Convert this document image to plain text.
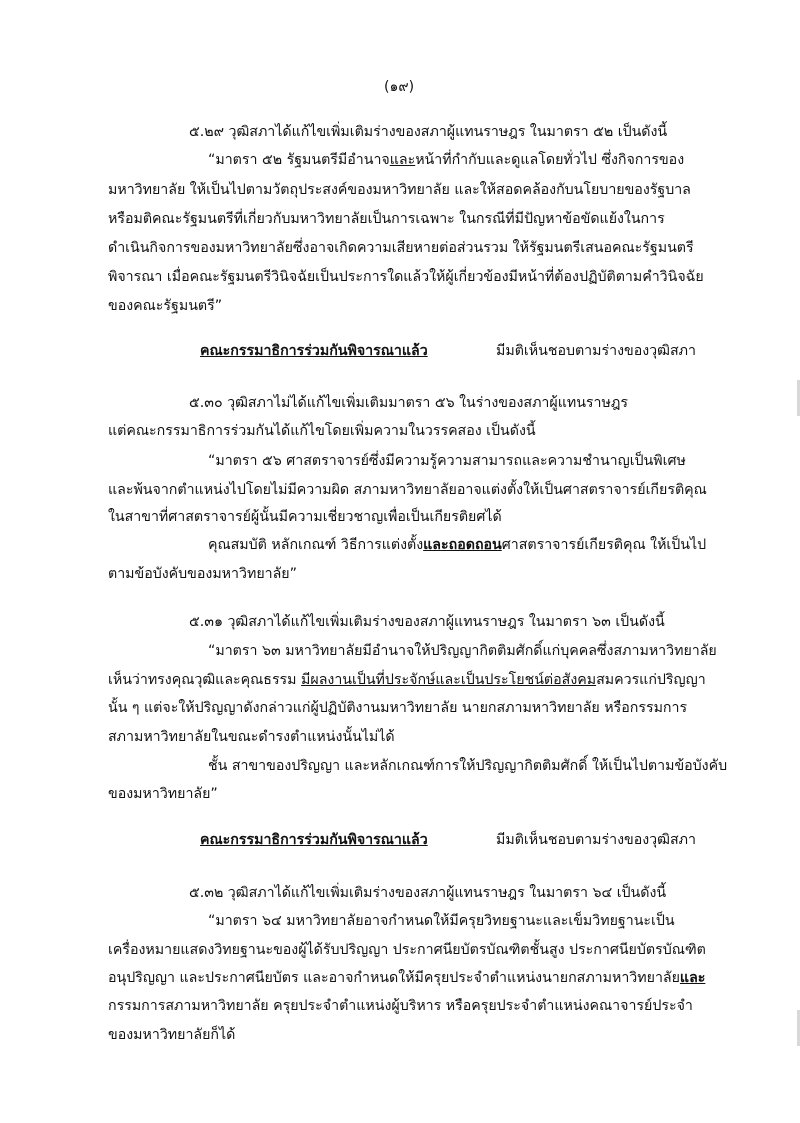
(๑๙)
๕.๒๙ วุฒิสภาได้แก้ไขเพิ่มเติมร่างของสภาผู้แทนราษฎร ในมาตรา ๕๒ เป็นดังนี้
“มาตรา ๕๒ รัฐมนตรีมีอำนาจและหน้าที่กำกับและดูแลโดยทั่วไป ซึ่งกิจการของ
มหาวิทยาลัย ให้เป็นไปตามวัตถุประสงค์ของมหาวิทยาลัย และให้สอดคล้องกับนโยบายของรัฐบาล
หรือมติคณะรัฐมนตรีที่เกี่ยวกับมหาวิทยาลัยเป็นการเฉพาะ ในกรณีที่มีปัญหาข้อขัดแย้งในการ
ดำเนินกิจการของมหาวิทยาลัยซึ่งอาจเกิดความเสียหายต่อส่วนรวม ให้รัฐมนตรีเสนอคณะรัฐมนตรี
พิจารณา เมื่อคณะรัฐมนตรีวินิจฉัยเป็นประการใดแล้วให้ผู้เกี่ยวข้องมีหน้าที่ต้องปฏิบัติตามคำวินิจฉัย
ของคณะรัฐมนตรี”
คณะกรรมาธิการร่วมกันพิจารณาแล้ว	มีมติเห็นชอบตามร่างของวุฒิสภา
๕.๓๐ วุฒิสภาไม่ได้แก้ไขเพิ่มเติมมาตรา ๕๖ ในร่างของสภาผู้แทนราษฎร
แต่คณะกรรมาธิการร่วมกันได้แก้ไขโดยเพิ่มความในวรรคสอง เป็นดังนี้
“มาตรา ๕๖ ศาสตราจารย์ซึ่งมีความรู้ความสามารถและความชำนาญเป็นพิเศษ
และพ้นจากตำแหน่งไปโดยไม่มีความผิด สภามหาวิทยาลัยอาจแต่งตั้งให้เป็นศาสตราจารย์เกียรติคุณ
ในสาขาที่ศาสตราจารย์ผู้นั้นมีความเชี่ยวชาญเพื่อเป็นเกียรติยศได้
คุณสมบัติ หลักเกณฑ์ วิธีการแต่งตั้งและถอดถอนศาสตราจารย์เกียรติคุณ ให้เป็นไป
ตามข้อบังคับของมหาวิทยาลัย”
๕.๓๑ วุฒิสภาได้แก้ไขเพิ่มเติมร่างของสภาผู้แทนราษฎร ในมาตรา ๖๓ เป็นดังนี้
“มาตรา ๖๓ มหาวิทยาลัยมีอำนาจให้ปริญญากิตติมศักดิ์แก่บุคคลซึ่งสภามหาวิทยาลัย
เห็นว่าทรงคุณวุฒิและคุณธรรม มีผลงานเป็นที่ประจักษ์และเป็นประโยชน์ต่อสังคมสมควรแก่ปริญญา
นั้น ๆ แต่จะให้ปริญญาดังกล่าวแก่ผู้ปฏิบัติงานมหาวิทยาลัย นายกสภามหาวิทยาลัย หรือกรรมการ
สภามหาวิทยาลัยในขณะดำรงตำแหน่งนั้นไม่ได้
ชั้น สาขาของปริญญา และหลักเกณฑ์การให้ปริญญากิตติมศักดิ์ ให้เป็นไปตามข้อบังคับ
ของมหาวิทยาลัย”
คณะกรรมาธิการร่วมกันพิจารณาแล้ว	มีมติเห็นชอบตามร่างของวุฒิสภา
๕.๓๒ วุฒิสภาได้แก้ไขเพิ่มเติมร่างของสภาผู้แทนราษฎร ในมาตรา ๖๔ เป็นดังนี้
“มาตรา ๖๔ มหาวิทยาลัยอาจกำหนดให้มีครุยวิทยฐานะและเข็มวิทยฐานะเป็น
เครื่องหมายแสดงวิทยฐานะของผู้ได้รับปริญญา ประกาศนียบัตรบัณฑิตชั้นสูง ประกาศนียบัตรบัณฑิต
อนุปริญญา และประกาศนียบัตร และอาจกำหนดให้มีครุยประจำตำแหน่งนายกสภามหาวิทยาลัยและ
กรรมการสภามหาวิทยาลัย ครุยประจำตำแหน่งผู้บริหาร หรือครุยประจำตำแหน่งคณาจารย์ประจำ
ของมหาวิทยาลัยก็ได้
